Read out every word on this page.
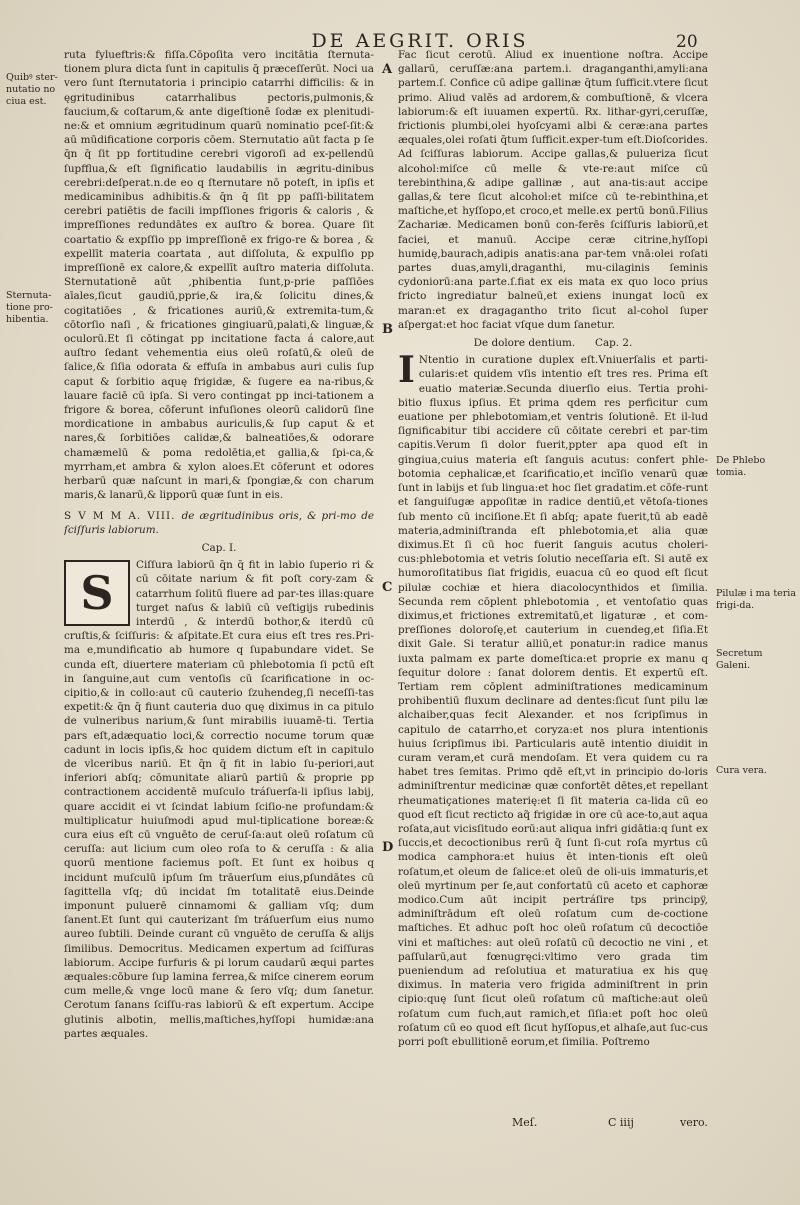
DE AEGRIT. ORIS	20
Quibꝰ ster-nutatio no ciua est.
Sternuta-tione pro-hibentia.
De Phlebo tomia.
Pilulæ i ma teria frigi-da.
Secretum Galeni.
Cura vera.
A
B
C
D

ruta fylueftris:& fiſſa.Cōpoſita vero incitātia ſternuta-tionem plura dicta ſunt in capitulis q̄ præceſſerūt. Noci ua vero ſunt ſternutatoria i principio catarrhi difficilis: & in ęgritudinibus catarrhalibus pectoris,pulmonis,& faucium,& coſtarum,& ante digeſtionē ſodæ ex plenitudi-ne:& et omnium ægritudinum quarū nominatio pceſ-ſit:& aū mūdificatione corporis cōem. Sternutatio aūt facta p ſe q̄n q̄ ſit pp fortitudine cerebri vigoroſi ad ex-pellendū ſupfflua,& eſt ſignificatio laudabilis in ægritu-dinibus cerebri:deſperat.n.de eo q ſternutare nō poteſt, in ipſis et medicaminibus adhibitis.& q̄n q̄ ſit pp paſſi-bilitatem cerebri patiētis de facili impſſiones frigoris & caloris , & impreſſiones redundātes ex auſtro & borea. Quare ſit coartatio & expſſio pp impreſſionē ex frigo-re & borea , & expellīt materia coartata , aut diſſoluta, & expulſio pp impreſſionē ex calore,& expellīt auſtro materia diſſoluta. Sternutationē aūt ,phibentia ſunt,p-prie paſſiōes aīales,ſicut gaudiū,pprie,& ira,& ſolicitu dines,& cogitatiōes , & fricationes auriū,& extremita-tum,& cōtorſio naſi , & fricationes gingiuarū,palati,& linguæ,& oculorū.Et ſi cōtingat pp incitatione facta á calore,aut auſtro ſedant vehementia eius oleū roſatū,& oleū de ſalice,& ſiſia odorata & effuſa in ambabus auri culis ſup caput & ſorbitio aquę frigidæ, & ſugere ea na-ribus,& lauare faciē cū ipſa. Si vero contingat pp inci-tationem a frigore & borea, cōferunt infuſiones oleorū calidorū ſine mordicatione in ambabus auriculis,& ſup caput & et nares,& ſorbitiōes calidæ,& balneatiōes,& odorare chamæmelū & poma redolētia,et gallia,& ſpi-ca,& myrrham,et ambra & xylon aloes.Et cōferunt et odores herbarū quæ naſcunt in mari,& ſpongiæ,& con charum maris,& lanarū,& lipporū quæ ſunt in eis.

S V M M A. VIII. de ægritudinibus oris, & pri-mo de ſciſſuris labiorum.
Cap. I.
S

Ciſſura labiorū q̄n q̄ fit in labio ſuperio ri & cū cōitate narium & fit poſt cory-zam & catarrhum ſolitū fluere ad par-tes illas:quare turget naſus & labiū cū veſtigijs rubedinis interdū , & interdū bothor,& iterdū cū cruſtis,& ſciſſuris: & aſpitate.Et cura eius eſt tres res.Pri-ma e,mundificatio ab humore q ſupabundare videt. Se cunda eſt, diuertere materiam cū phlebotomia ſi pctū eſt in ſanguine,aut cum ventoſis cū ſcarificatione in oc-cipitio,& in collo:aut cū cauterio ſzuhendeg,ſi neceſſi-tas expetit:& q̄n q̄ fiunt cauteria duo quę diximus in ca pitulo de vulneribus narium,& ſunt mirabilis iuuamē-ti. Tertia pars eſt,adæquatio loci,& correctio nocume torum quæ cadunt in locis ipſis,& hoc quidem dictum eſt in capitulo de vlceribus nariū. Et q̄n q̄ fit in labio ſu-periori,aut inferiori abſq; cōmunitate aliarū partiū & proprie pp contractionem accidentē muſculo tráſuerſa-li ipſius labij, quare accidit ei vt ſcindat labium ſciſio-ne profundam:& multiplicatur huiuſmodi apud mul-tiplicatione boreæ:& cura eius eſt cū vnguēto de ceruſ-ſa:aut oleū roſatum cū ceruſſa: aut licium cum oleo roſa to & ceruſſa : & alia quorū mentione faciemus poſt. Et ſunt ex hoibus q incidunt muſculū ipſum ſm trāuerſum eius,pſundātes cū ſagittella vſq; dū incidat ſm totalitatē eius.Deinde imponunt puluerē cinnamomi & galliam vſq; dum ſanent.Et ſunt qui cauterizant ſm tráſuerſum eius numo aureo ſubtili. Deinde curant cū vnguēto de ceruſſa & alijs ſimilibus. Democritus. Medicamen expertum ad ſciſſuras labiorum. Accipe furfuris & pi lorum caudarū æqui partes æquales:cōbure ſup lamina ferrea,& miſce cinerem eorum cum melle,& vnge locū mane & ſero vſq; dum ſanetur. Cerotum ſanans ſciſſu-ras labiorū & eſt expertum. Accipe glutinis albotin, mellis,maſtiches,hyſſopi humidæ:ana partes æquales.

Fac ſicut cerotū. Aliud ex inuentione noſtra. Accipe gallarū, ceruſſæ:ana partem.i. draganganthi,amyli:ana partem.ſ. Confice cū adipe gallinæ q̄tum ſufficit.vtere ſicut primo. Aliud valēs ad ardorem,& combuſtionē, & vlcera labiorum:& eſt iuuamen expertū. Rx. lithar-gyri,ceruſſæ, frictionis plumbi,olei hyoſcyami albi & ceræ:ana partes æquales,olei roſati q̄tum ſufficit.exper-tum eſt.Dioſcorides. Ad ſciſſuras labiorum. Accipe gallas,& pulueriza ſicut alcohol:miſce cū melle & vte-re:aut miſce cū terebinthina,& adipe gallinæ , aut ana-tis:aut accipe gallas,& tere ſicut alcohol:et miſce cū te-rebinthina,et maſtiche,et hyſſopo,et croco,et melle.ex pertū bonū.Filius Zachariæ. Medicamen bonū con-ferēs ſciſſuris labiorū,et faciei, et manuū. Accipe ceræ citrine,hyſſopi humidę,baurach,adipis anatis:ana par-tem vnā:olei roſati partes duas,amyli,draganthi, mu-cilaginis ſeminis cydoniorū:ana parte.ſ.fiat ex eis mata ex quo loco prius fricto ingrediatur balneū,et exiens inungat locū ex maran:et ex dragagantho trito ſicut al-cohol ſuper aſpergat:et hoc faciat vſque dum ſanetur.

De dolore dentium. Cap. 2.
I Ntentio in curatione duplex eſt.Vniuerſalis et parti-cularis:et quidem vſis intentio eſt tres res. Prima eſt euatio materiæ.Secunda diuerſio eius. Tertia prohi-bitio fluxus ipſius. Et prima qdem res perficitur cum euatione per phlebotomiam,et ventris ſolutionē. Et il-lud ſignificabitur tibi accidere cū cōitate cerebri et par-tim capitis.Verum ſi dolor fuerit,ppter apa quod eſt in gingiua,cuius materia eſt ſanguis acutus: confert phle-botomia cephalicæ,et ſcarificatio,et incīſio venarū quæ ſunt in labijs et ſub lingua:et hoc ſiet gradatim.et cōfe-runt et ſanguiſugæ appoſitæ in radice dentiū,et vētoſa-tiones ſub mento cū inciſione.Et ſi abſq; apate fuerit,tū ab eadē materia,adminiſtranda eſt phlebotomia,et alia quæ diximus.Et ſi cū hoc fuerit ſanguis acutus choleri-cus:phlebotomia et vetris ſolutio neceſſaria eſt. Si autē ex humoroſitatibus ſiat frigidis, euacua cū eo quod eſt ſicut pilulæ cochiæ et hiera diacolocynthidos et ſimilia. Secunda rem cōplent phlebotomia , et ventoſatio quas diximus,et frictiones extremitatū,et ligaturæ , et com-preſſiones doloroſę,et cauterium in cuendeg,et ſiſia.Et dixit Gale. Si teratur alliū,et ponatur:in radice manus iuxta palmam ex parte domeſtica:et proprie ex manu q ſequitur dolore : ſanat dolorem dentis. Et expertū eſt. Tertiam rem cōplent adminiſtrationes medicaminum prohibentiū fluxum declinare ad dentes:ſicut ſunt pilu læ alchaiber,quas fecit Alexander. et nos ſcripſimus in capitulo de catarrho,et coryza:et nos plura intentionis huius ſcripſimus ibi. Particularis autē intentio diuidit in curam veram,et curā mendoſam. Et vera quidem cu ra habet tres ſemitas. Primo qdē eſt,vt in principio do-loris adminiſtrentur medicinæ quæ confortēt dētes,et repellant rheumatiçationes materię:et ſi ſit materia ca-lida cū eo quod eſt ſicut recticto aq̃ frigidæ in ore cū ace-to,aut aqua roſata,aut vicisſitudo eorū:aut aliqua infri gidātia:q ſunt ex ſuccis,et decoctionibus rerū q̃ ſunt ſi-cut roſa myrtus cū modica camphora:et huius ēt inten-tionis eſt oleū roſatum,et oleum de ſalice:et oleū de oli-uis immaturis,et oleū myrtinum per ſe,aut confortatū cū aceto et caphoræ modico.Cum aūt incipit pertráſire tps principÿ, adminiſtrādum eſt oleū roſatum cum de-coctione maſtiches. Et adhuc poſt hoc oleū roſatum cū decoctiōe vini et maſtiches: aut oleū roſatū cū decoctio ne vini , et paſſularū,aut fœnugręci:vltimo vero grada tim pueniendum ad reſolutiua et maturatiua ex his quę diximus. In materia vero frigida adminiſtrent in prin cipio:quę ſunt ſicut oleū roſatum cū maſtiche:aut oleū roſatum cum fuch,aut ramich,et ſiſia:et poſt hoc oleū roſatum cū eo quod eſt ſicut hyſſopus,et alhaſe,aut ſuc-cus porri poſt ebullitionē eorum,et ſimilia. Poſtremo

Meſ.	C iiij	vero.
